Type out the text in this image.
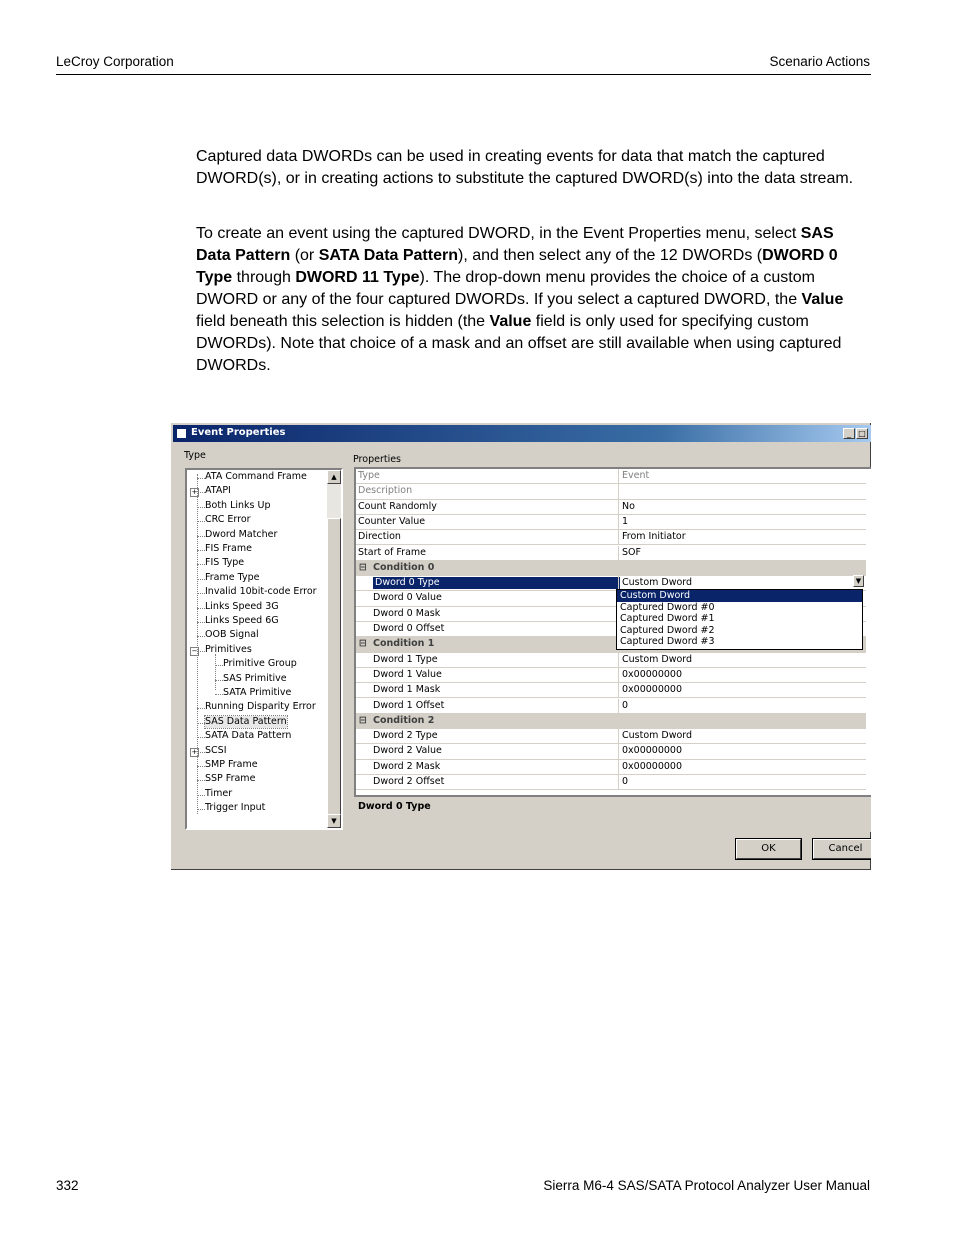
LeCroy Corporation	Scenario Actions

Captured data DWORDs can be used in creating events for data that match the captured DWORD(s), or in creating actions to substitute the captured DWORD(s) into the data stream.

To create an event using the captured DWORD, in the Event Properties menu, select SAS Data Pattern (or SATA Data Pattern), and then select any of the 12 DWORDs (DWORD 0 Type through DWORD 11 Type). The drop-down menu provides the choice of a custom DWORD or any of the four captured DWORDs. If you select a captured DWORD, the Value field beneath this selection is hidden (the Value field is only used for specifying custom DWORDs). Note that choice of a mask and an offset are still available when using captured DWORDs.

Event Properties	_ □
Type	Properties
ATA Command Frame
+ ATAPI
Both Links Up
CRC Error
Dword Matcher
FIS Frame
FIS Type
Frame Type
Invalid 10bit-code Error
Links Speed 3G
Links Speed 6G
OOB Signal
− Primitives
Primitive Group
SAS Primitive
SATA Primitive
Running Disparity Error
SAS Data Pattern
SATA Data Pattern
+ SCSI
SMP Frame
SSP Frame
Timer
Trigger Input
▲
▼
Type	Event
Description
Count Randomly	No
Counter Value	1
Direction	From Initiator
Start of Frame	SOF
⊟ Condition 0
Dword 0 Type	Custom Dword
Dword 0 Value
Dword 0 Mask
Dword 0 Offset
⊟ Condition 1
Dword 1 Type	Custom Dword
Dword 1 Value	0x00000000
Dword 1 Mask	0x00000000
Dword 1 Offset	0
⊟ Condition 2
Dword 2 Type	Custom Dword
Dword 2 Value	0x00000000
Dword 2 Mask	0x00000000
Dword 2 Offset	0
Custom Dword
Captured Dword #0
Captured Dword #1
Captured Dword #2
Captured Dword #3
▼
Dword 0 Type
OK	Cancel
332	Sierra M6-4 SAS/SATA Protocol Analyzer User Manual
